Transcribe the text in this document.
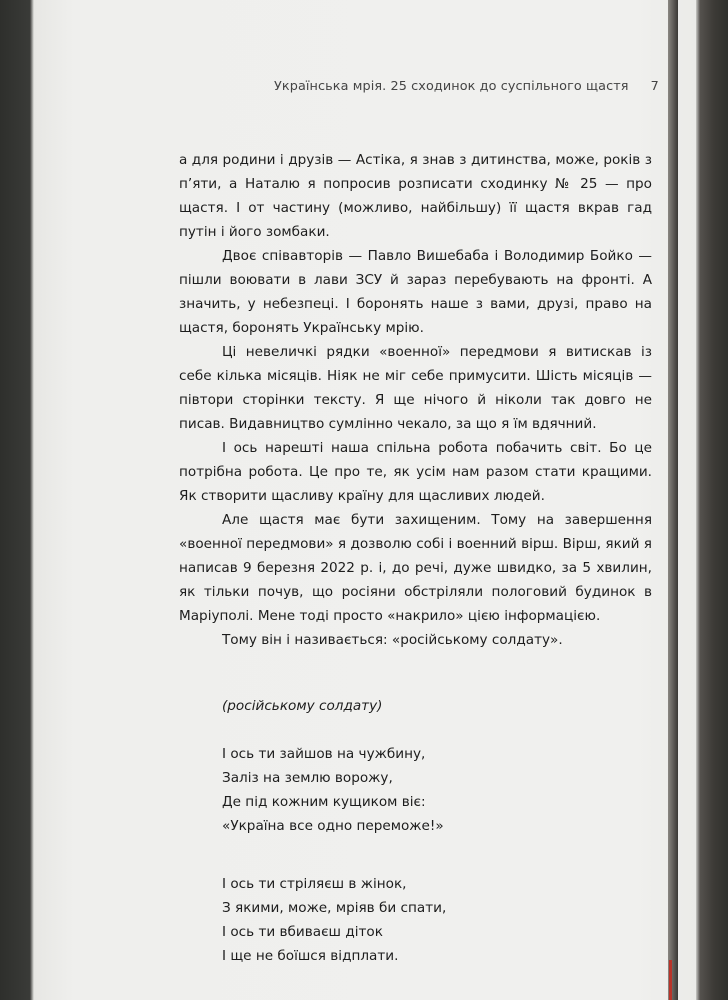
Українська мрія. 25 сходинок до суспільного щастя 7

а для родини і друзів — Астіка, я знав з дитинства, може, років з п’яти, а Наталю я попросив розписати сходинку № 25 — про щастя. І от частину (можливо, найбільшу) її щастя вкрав гад путін і його зомбаки.

Двоє співавторів — Павло Вишебаба і Володимир Бойко — пішли воювати в лави ЗСУ й зараз перебувають на фронті. А значить, у небезпеці. І боронять наше з вами, друзі, право на щастя, боронять Українську мрію.

Ці невеличкі рядки «военної» передмови я витискав із себе кілька місяців. Ніяк не міг себе примусити. Шість місяців — півтори сторінки тексту. Я ще нічого й ніколи так довго не писав. Видавництво сумлінно чекало, за що я їм вдячний.

І ось нарешті наша спільна робота побачить світ. Бо це потрібна робота. Це про те, як усім нам разом стати кращими. Як створити щасливу країну для щасливих людей.

Але щастя має бути захищеним. Тому на завершення «военної передмови» я дозволю собі і военний вірш. Вірш, який я написав 9 березня 2022 р. і, до речі, дуже швидко, за 5 хвилин, як тільки почув, що росіяни обстріляли пологовий будинок в Маріуполі. Мене тоді просто «накрило» цією інформацією.

Тому він і називається: «російському солдату».

(російському солдату)

І ось ти зайшов на чужбину,
Заліз на землю ворожу,
Де під кожним кущиком віє:
«Україна все одно переможе!»
І ось ти стріляєш в жінок,
З якими, може, мріяв би спати,
І ось ти вбиваєш діток
І ще не боїшся відплати.
